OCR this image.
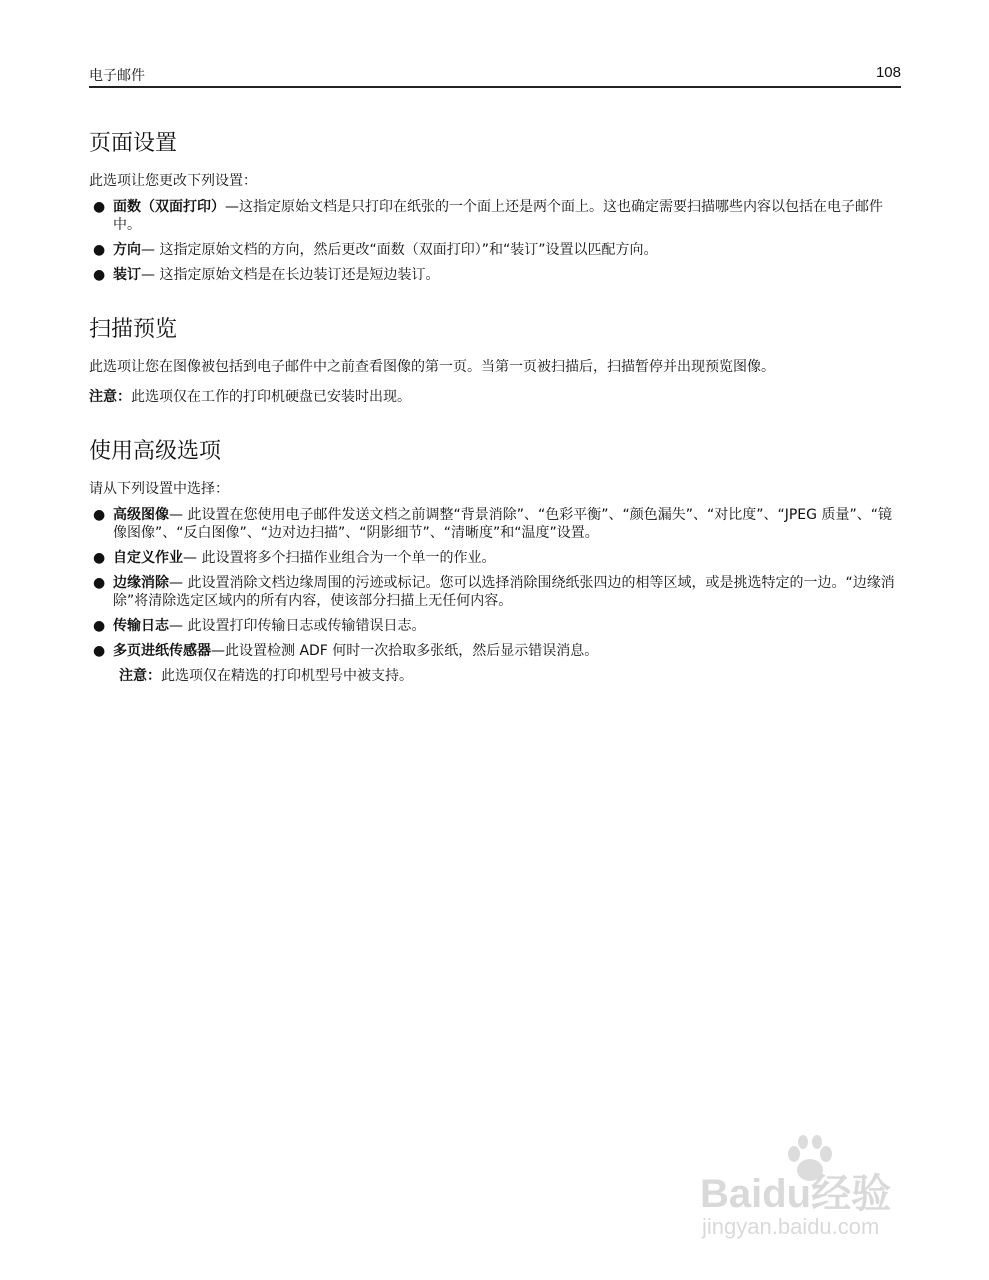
电子邮件	108
页面设置

此选项让您更改下列设置：

● 面数（双面打印）—这指定原始文档是只打印在纸张的一个面上还是两个面上。这也确定需要扫描哪些内容以包括在电子邮件中。
● 方向— 这指定原始文档的方向，然后更改“面数（双面打印）”和“装订”设置以匹配方向。
● 装订— 这指定原始文档是在长边装订还是短边装订。
扫描预览

此选项让您在图像被包括到电子邮件中之前查看图像的第一页。当第一页被扫描后，扫描暂停并出现预览图像。

注意：此选项仅在工作的打印机硬盘已安装时出现。

使用高级选项

请从下列设置中选择：

● 高级图像— 此设置在您使用电子邮件发送文档之前调整“背景消除”、“色彩平衡”、“颜色漏失”、“对比度”、“JPEG 质量”、“镜像图像”、“反白图像”、“边对边扫描”、“阴影细节”、“清晰度”和“温度”设置。
● 自定义作业— 此设置将多个扫描作业组合为一个单一的作业。
● 边缘消除— 此设置消除文档边缘周围的污迹或标记。您可以选择消除围绕纸张四边的相等区域，或是挑选特定的一边。“边缘消除”将清除选定区域内的所有内容，使该部分扫描上无任何内容。
● 传输日志— 此设置打印传输日志或传输错误日志。
● 多页进纸传感器—此设置检测 ADF 何时一次拾取多张纸，然后显示错误消息。

注意：此选项仅在精选的打印机型号中被支持。

Baidu经验
jingyan.baidu.com
